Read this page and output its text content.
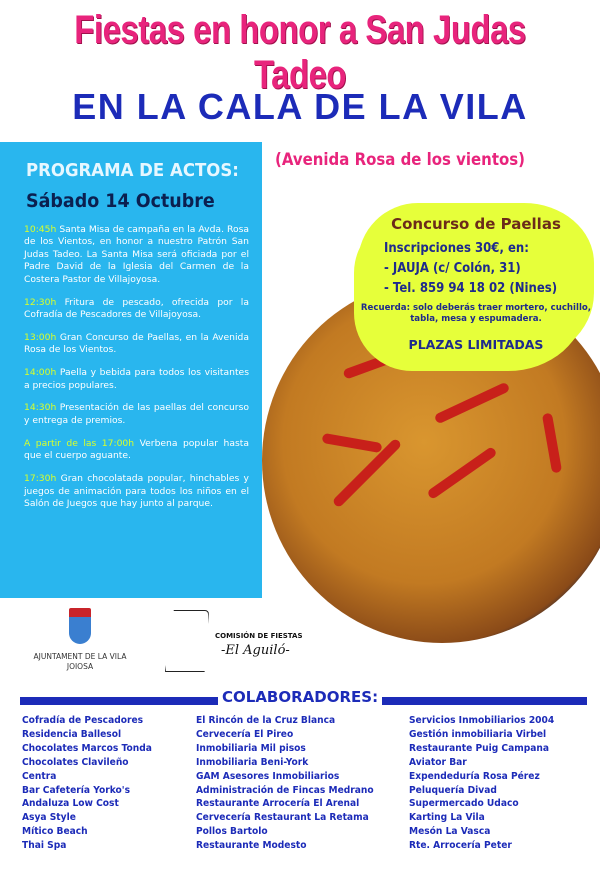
Fiestas en honor a San Judas Tadeo
EN LA CALA DE LA VILA
PROGRAMA DE ACTOS:
Sábado 14 Octubre

10:45h Santa Misa de campaña en la Avda. Rosa de los Vientos, en honor a nuestro Patrón San Judas Tadeo. La Santa Misa será oficiada por el Padre David de la Iglesia del Carmen de la Costera Pastor de Villajoyosa.

12:30h Fritura de pescado, ofrecida por la Cofradía de Pescadores de Villajoyosa.

13:00h Gran Concurso de Paellas, en la Avenida Rosa de los Vientos.

14:00h Paella y bebida para todos los visitantes a precios populares.

14:30h Presentación de las paellas del concurso y entrega de premios.

A partir de las 17:00h Verbena popular hasta que el cuerpo aguante.

17:30h Gran chocolatada popular, hinchables y juegos de animación para todos los niños en el Salón de Juegos que hay junto al parque.

(Avenida Rosa de los vientos)
Concurso de Paellas
Inscripciones 30€, en:
- JAUJA (c/ Colón, 31)
- Tel. 859 94 18 02 (Nines)
Recuerda: solo deberás traer mortero, cuchillo, tabla, mesa y espumadera.
PLAZAS LIMITADAS
AJUNTAMENT DE LA VILA JOIOSA
COMISIÓN DE FIESTAS
-El Aguiló-
COLABORADORES:
Cofradía de Pescadores
Residencia Ballesol
Chocolates Marcos Tonda
Chocolates Clavileño
Centra
Bar Cafetería Yorko's
Andaluza Low Cost
Asya Style
Mítico Beach
Thai Spa
El Rincón de la Cruz Blanca
Cervecería El Pireo
Inmobiliaria Mil pisos
Inmobiliaria Beni-York
GAM Asesores Inmobiliarios
Administración de Fincas Medrano
Restaurante Arrocería El Arenal
Cervecería Restaurant La Retama
Pollos Bartolo
Restaurante Modesto
Servicios Inmobiliarios 2004
Gestión inmobiliaria Virbel
Restaurante Puig Campana
Aviator Bar
Expendeduría Rosa Pérez
Peluquería Divad
Supermercado Udaco
Karting La Vila
Mesón La Vasca
Rte. Arrocería Peter
